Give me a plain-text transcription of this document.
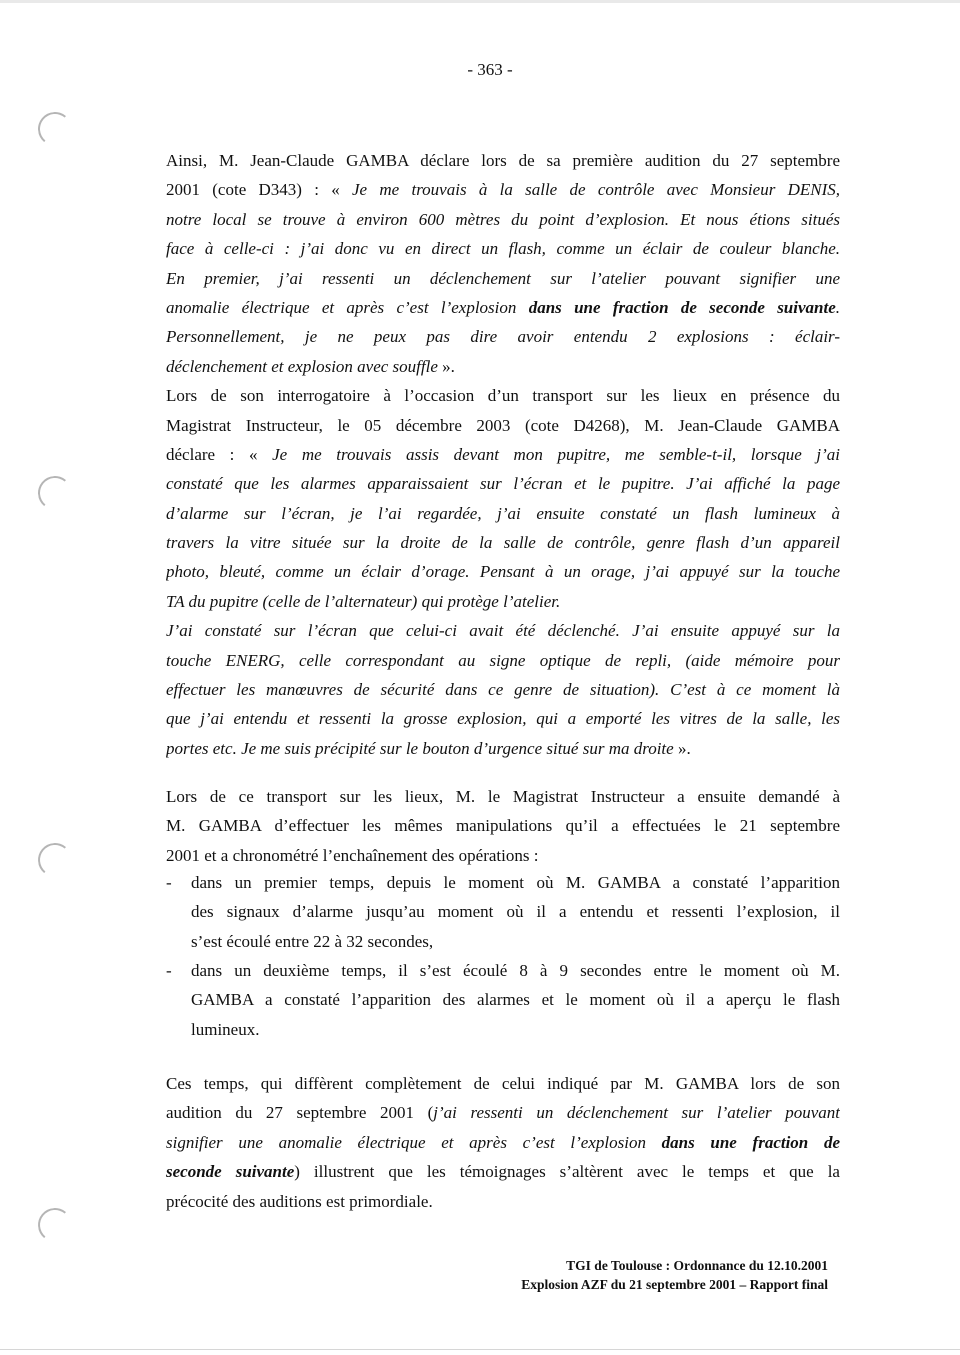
- 363 -
Ainsi, M. Jean-Claude GAMBA déclare lors de sa première audition du 27 septembre
2001 (cote D343) : « Je me trouvais à la salle de contrôle avec Monsieur DENIS,
notre local se trouve à environ 600 mètres du point d’explosion. Et nous étions situés
face à celle-ci : j’ai donc vu en direct un flash, comme un éclair de couleur blanche.
En premier, j’ai ressenti un déclenchement sur l’atelier pouvant signifier une
anomalie électrique et après c’est l’explosion dans une fraction de seconde suivante.
Personnellement, je ne peux pas dire avoir entendu 2 explosions : éclair-
déclenchement et explosion avec souffle ».
Lors de son interrogatoire à l’occasion d’un transport sur les lieux en présence du
Magistrat Instructeur, le 05 décembre 2003 (cote D4268), M. Jean-Claude GAMBA
déclare : « Je me trouvais assis devant mon pupitre, me semble-t-il, lorsque j’ai
constaté que les alarmes apparaissaient sur l’écran et le pupitre. J’ai affiché la page
d’alarme sur l’écran, je l’ai regardée, j’ai ensuite constaté un flash lumineux à
travers la vitre située sur la droite de la salle de contrôle, genre flash d’un appareil
photo, bleuté, comme un éclair d’orage. Pensant à un orage, j’ai appuyé sur la touche
TA du pupitre (celle de l’alternateur) qui protège l’atelier.
J’ai constaté sur l’écran que celui-ci avait été déclenché. J’ai ensuite appuyé sur la
touche ENERG, celle correspondant au signe optique de repli, (aide mémoire pour
effectuer les manœuvres de sécurité dans ce genre de situation). C’est à ce moment là
que j’ai entendu et ressenti la grosse explosion, qui a emporté les vitres de la salle, les
portes etc. Je me suis précipité sur le bouton d’urgence situé sur ma droite ».
Lors de ce transport sur les lieux, M. le Magistrat Instructeur a ensuite demandé à
M. GAMBA d’effectuer les mêmes manipulations qu’il a effectuées le 21 septembre
2001 et a chronométré l’enchaînement des opérations :
- dans un premier temps, depuis le moment où M. GAMBA a constaté l’apparition
des signaux d’alarme jusqu’au moment où il a entendu et ressenti l’explosion, il
s’est écoulé entre 22 à 32 secondes,
- dans un deuxième temps, il s’est écoulé 8 à 9 secondes entre le moment où M.
GAMBA a constaté l’apparition des alarmes et le moment où il a aperçu le flash
lumineux.
Ces temps, qui diffèrent complètement de celui indiqué par M. GAMBA lors de son
audition du 27 septembre 2001 (j’ai ressenti un déclenchement sur l’atelier pouvant
signifier une anomalie électrique et après c’est l’explosion dans une fraction de
seconde suivante) illustrent que les témoignages s’altèrent avec le temps et que la
précocité des auditions est primordiale.
TGI de Toulouse : Ordonnance du 12.10.2001
Explosion AZF du 21 septembre 2001 – Rapport final
